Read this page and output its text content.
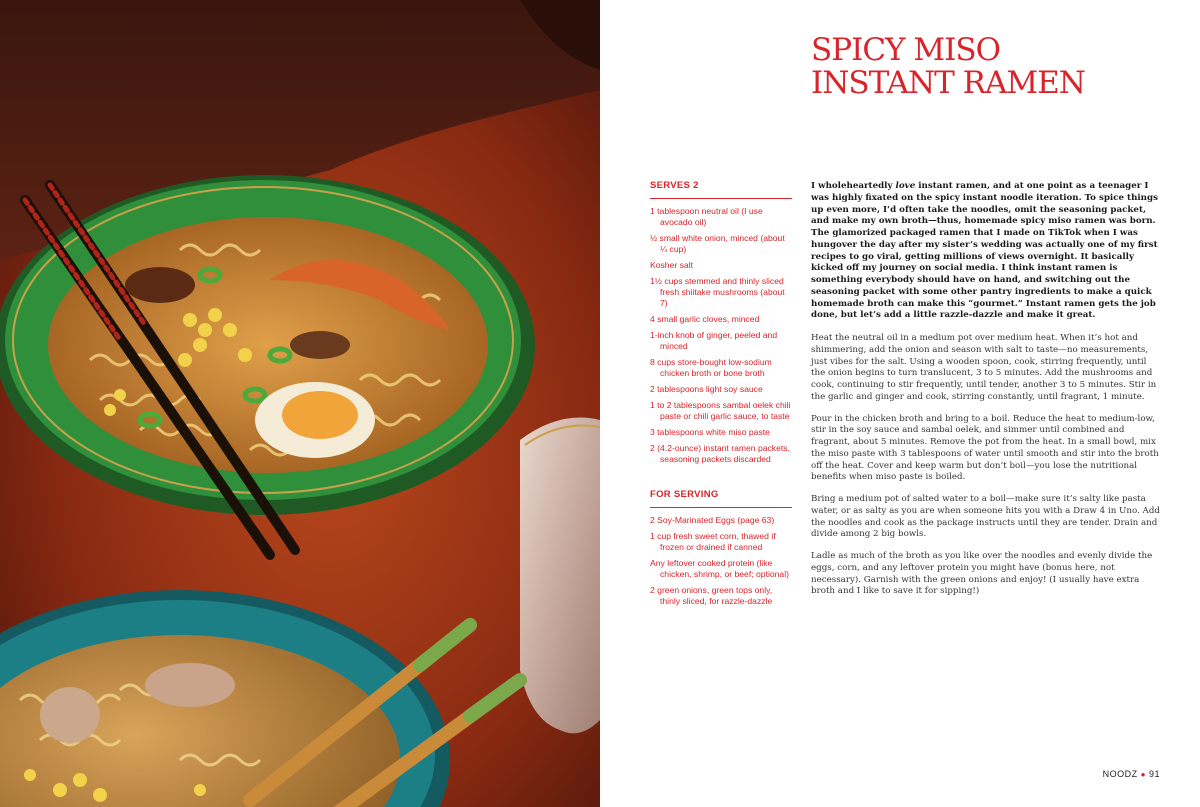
SPICY MISO
INSTANT RAMEN
SERVES 2
1 tablespoon neutral oil (I use avocado oil)
½ small white onion, minced (about ¼ cup)
Kosher salt
1½ cups stemmed and thinly sliced fresh shiitake mushrooms (about 7)
4 small garlic cloves, minced
1-inch knob of ginger, peeled and minced
8 cups store-bought low-sodium chicken broth or bone broth
2 tablespoons light soy sauce
1 to 2 tablespoons sambal oelek chili paste or chili garlic sauce, to taste
3 tablespoons white miso paste
2 (4.2-ounce) instant ramen packets, seasoning packets discarded
FOR SERVING
2 Soy-Marinated Eggs (page 63)
1 cup fresh sweet corn, thawed if frozen or drained if canned
Any leftover cooked protein (like chicken, shrimp, or beef; optional)
2 green onions, green tops only, thinly sliced, for razzle-dazzle

I wholeheartedly love instant ramen, and at one point as a teenager I was highly fixated on the spicy instant noodle iteration. To spice things up even more, I’d often take the noodles, omit the seasoning packet, and make my own broth—thus, homemade spicy miso ramen was born. The glamorized packaged ramen that I made on TikTok when I was hungover the day after my sister’s wedding was actually one of my first recipes to go viral, getting millions of views overnight. It basically kicked off my journey on social media. I think instant ramen is something everybody should have on hand, and switching out the seasoning packet with some other pantry ingredients to make a quick homemade broth can make this “gourmet.” Instant ramen gets the job done, but let’s add a little razzle-dazzle and make it great.

Heat the neutral oil in a medium pot over medium heat. When it’s hot and shimmering, add the onion and season with salt to taste—no measurements, just vibes for the salt. Using a wooden spoon, cook, stirring frequently, until the onion begins to turn translucent, 3 to 5 minutes. Add the mushrooms and cook, continuing to stir frequently, until tender, another 3 to 5 minutes. Stir in the garlic and ginger and cook, stirring constantly, until fragrant, 1 minute.

Pour in the chicken broth and bring to a boil. Reduce the heat to medium-low, stir in the soy sauce and sambal oelek, and simmer until combined and fragrant, about 5 minutes. Remove the pot from the heat. In a small bowl, mix the miso paste with 3 tablespoons of water until smooth and stir into the broth off the heat. Cover and keep warm but don’t boil—you lose the nutritional benefits when miso paste is boiled.

Bring a medium pot of salted water to a boil—make sure it’s salty like pasta water, or as salty as you are when someone hits you with a Draw 4 in Uno. Add the noodles and cook as the package instructs until they are tender. Drain and divide among 2 big bowls.

Ladle as much of the broth as you like over the noodles and evenly divide the eggs, corn, and any leftover protein you might have (bonus here, not necessary). Garnish with the green onions and enjoy! (I usually have extra broth and I like to save it for sipping!)

NOODZ ● 91
